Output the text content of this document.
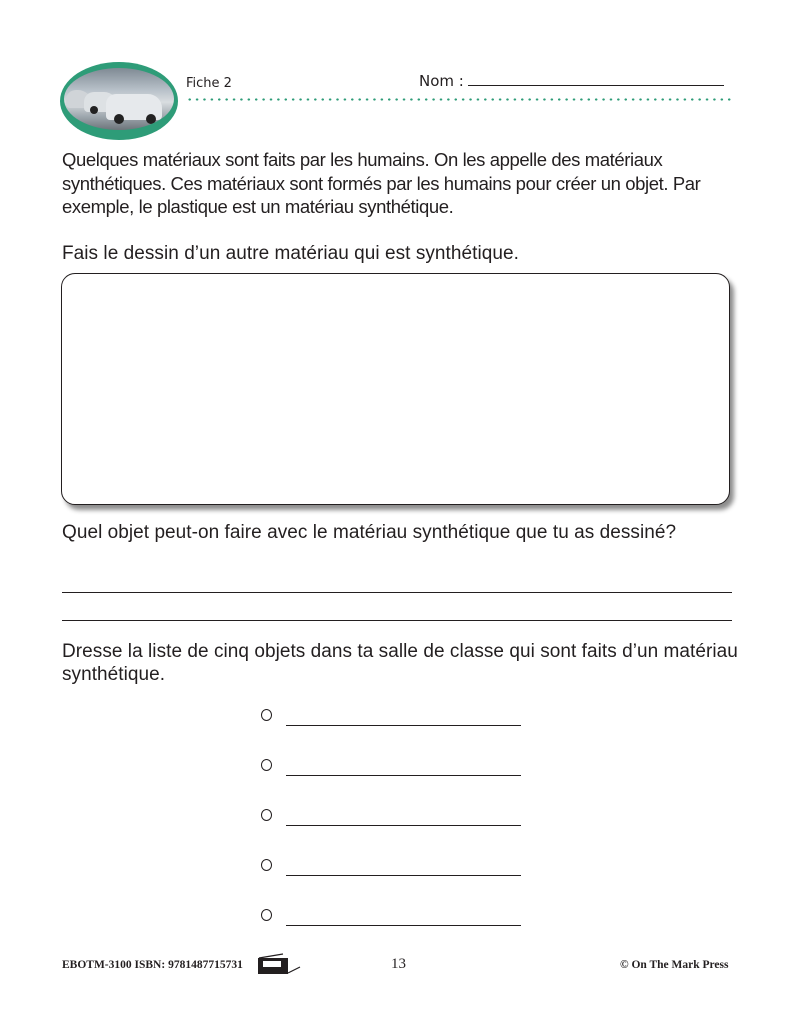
Fiche 2	Nom :
Quelques matériaux sont faits par les humains. On les appelle des matériaux synthétiques. Ces matériaux sont formés par les humains pour créer un objet. Par exemple, le plastique est un matériau synthétique.
Fais le dessin d’un autre matériau qui est synthétique.
Quel objet peut-on faire avec le matériau synthétique que tu as dessiné?
Dresse la liste de cinq objets dans ta salle de classe qui sont faits d’un matériau synthétique.
EBOTM-3100 ISBN: 9781487715731	13	© On The Mark Press
